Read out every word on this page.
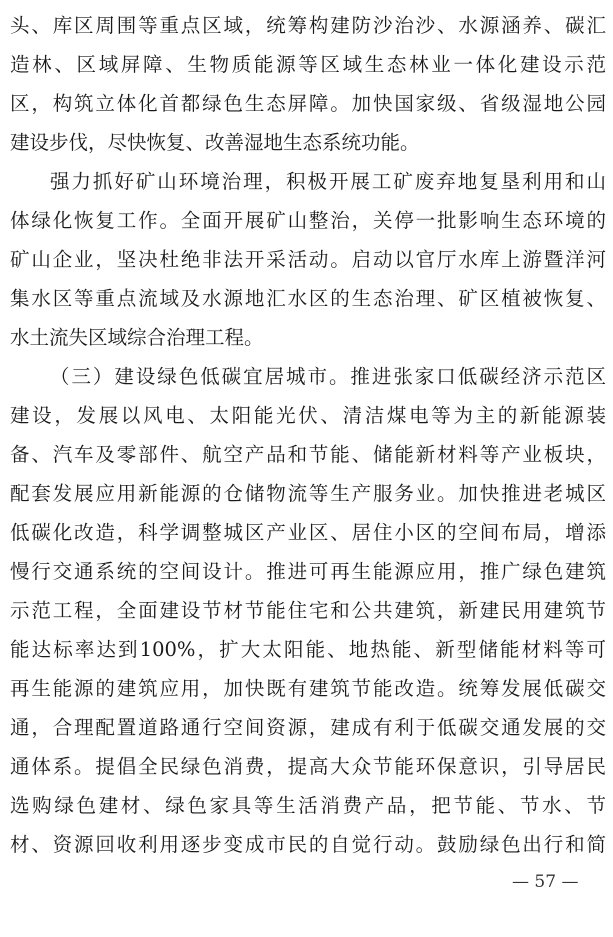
头、库区周围等重点区域，统筹构建防沙治沙、水源涵养、碳汇
造林、区域屏障、生物质能源等区域生态林业一体化建设示范
区，构筑立体化首都绿色生态屏障。加快国家级、省级湿地公园
建设步伐，尽快恢复、改善湿地生态系统功能。
强力抓好矿山环境治理，积极开展工矿废弃地复垦利用和山
体绿化恢复工作。全面开展矿山整治，关停一批影响生态环境的
矿山企业，坚决杜绝非法开采活动。启动以官厅水库上游暨洋河
集水区等重点流域及水源地汇水区的生态治理、矿区植被恢复、
水土流失区域综合治理工程。
（三）建设绿色低碳宜居城市。推进张家口低碳经济示范区
建设，发展以风电、太阳能光伏、清洁煤电等为主的新能源装
备、汽车及零部件、航空产品和节能、储能新材料等产业板块，
配套发展应用新能源的仓储物流等生产服务业。加快推进老城区
低碳化改造，科学调整城区产业区、居住小区的空间布局，增添
慢行交通系统的空间设计。推进可再生能源应用，推广绿色建筑
示范工程，全面建设节材节能住宅和公共建筑，新建民用建筑节
能达标率达到100%，扩大太阳能、地热能、新型储能材料等可
再生能源的建筑应用，加快既有建筑节能改造。统筹发展低碳交
通，合理配置道路通行空间资源，建成有利于低碳交通发展的交
通体系。提倡全民绿色消费，提高大众节能环保意识，引导居民
选购绿色建材、绿色家具等生活消费产品，把节能、节水、节
材、资源回收利用逐步变成市民的自觉行动。鼓励绿色出行和简
— 57 —
